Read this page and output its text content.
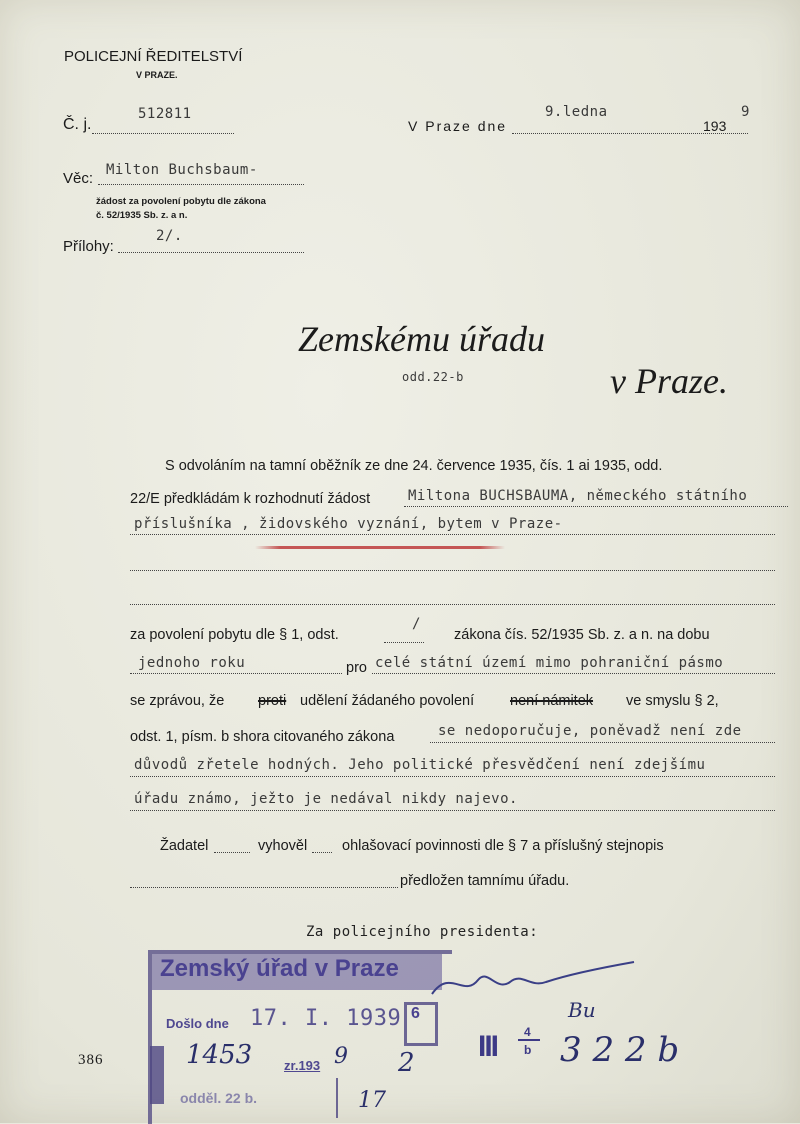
POLICEJNÍ ŘEDITELSTVÍ
V PRAZE.
Č. j.
512811
V Praze dne
9.ledna
193
9
Věc: Milton Buchsbaum-
žádost za povolení pobytu dle zákona
č. 52/1935 Sb. z. a n.
Přílohy:
2/.
Zemskému úřadu
odd.22-b	v Praze.
S odvoláním na tamní oběžník ze dne 24. července 1935, čís. 1 ai 1935, odd.
22/E předkládám k rozhodnutí žádost	Miltona BUCHSBAUMA, německého státního
příslušníka , židovského vyznání, bytem v Praze-
za povolení pobytu dle § 1, odst.
/
zákona čís. 52/1935 Sb. z. a n. na dobu
jednoho roku	pro celé státní území mimo pohraniční pásmo
se zprávou, že proti udělení žádaného povolení není námitek ve smyslu § 2,
odst. 1, písm. b shora citovaného zákona	se nedoporučuje, poněvadž není zde
důvodů zřetele hodných. Jeho politické přesvědčení není zdejšímu
úřadu známo, ježto je nedával nikdy najevo.
Žadatel	vyhověl ohlašovací povinnosti dle § 7 a příslušný stejnopis
předložen tamnímu úřadu.
Za policejního presidenta:
Zemský úřad v Praze
Došlo dne 17. I. 1939 6
1453 zr.193 9 2
17
odděl. 22 b.
III 4
b 3 2 2 b
Bu
386
